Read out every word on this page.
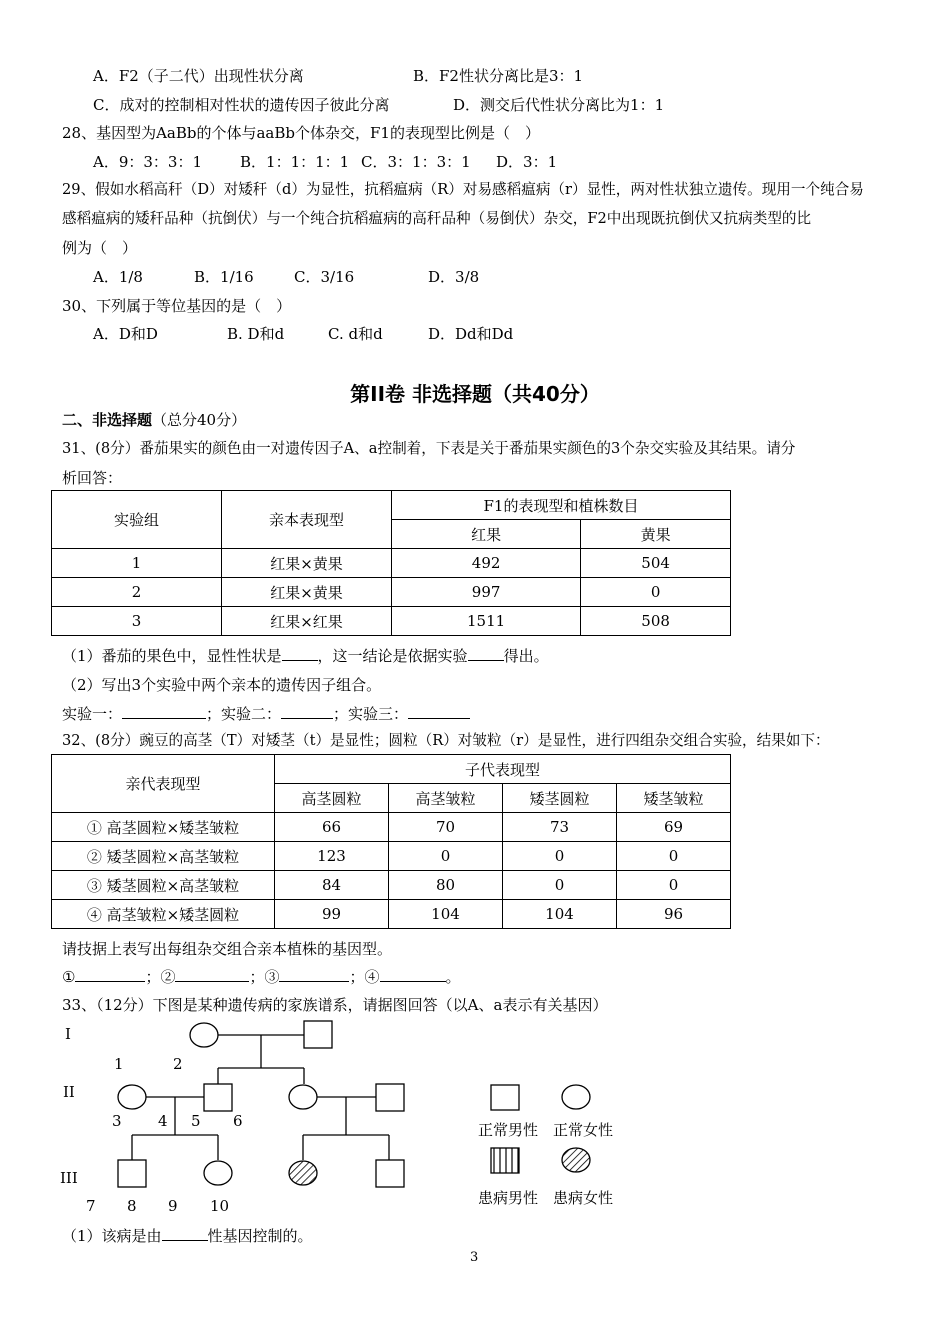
A．F2（子二代）出现性状分离	B．F2性状分离比是3：1
C．成对的控制相对性状的遗传因子彼此分离	D．测交后代性状分离比为1：1
28、基因型为AaBb的个体与aaBb个体杂交，F1的表现型比例是（　）
A．9：3：3：1	B．1：1：1：1 C．3：1：3：1 D．3：1
29、假如水稻高秆（D）对矮秆（d）为显性，抗稻瘟病（R）对易感稻瘟病（r）显性，两对性状独立遗传。现用一个纯合易
感稻瘟病的矮秆品种（抗倒伏）与一个纯合抗稻瘟病的高秆品种（易倒伏）杂交，F2中出现既抗倒伏又抗病类型的比
例为（　）
A．1/8	B．1/16	C．3/16	D．3/8
30、下列属于等位基因的是（　）
A．D和D	B. D和d	C. d和d	D．Dd和Dd
第II卷 非选择题（共40分）
二、非选择题（总分40分）
31、(8分）番茄果实的颜色由一对遗传因子A、a控制着，下表是关于番茄果实颜色的3个杂交实验及其结果。请分
析回答：
实验组	亲本表现型	F1的表现型和植株数目	
		红果	黄果
1	红果×黄果	492	504
2	红果×黄果	997	0
3	红果×红果	1511	508
（1）番茄的果色中，显性性状是 ，这一结论是依据实验 得出。
（2）写出3个实验中两个亲本的遗传因子组合。
实验一：	；实验二：	；实验三：
32、(8分）豌豆的高茎（T）对矮茎（t）是显性；圆粒（R）对皱粒（r）是显性，进行四组杂交组合实验，结果如下：
亲代表现型	子代表现型			
	高茎圆粒	高茎皱粒	矮茎圆粒	矮茎皱粒
① 高茎圆粒×矮茎皱粒	66	70	73	69
② 矮茎圆粒×高茎皱粒	123	0	0	0
③ 矮茎圆粒×高茎皱粒	84	80	0	0
④ 高茎皱粒×矮茎圆粒	99	104	104	96
请技据上表写出每组杂交组合亲本植株的基因型。
①	；②	；③	；④	。
33、（12分）下图是某种遗传病的家族谱系，请据图回答（以A、a表示有关基因）
I
II
III
1	2
3 4 5 6
7 8 9 10
正常男性 正常女性
患病男性 患病女性
（1）该病是由	性基因控制的。
3
